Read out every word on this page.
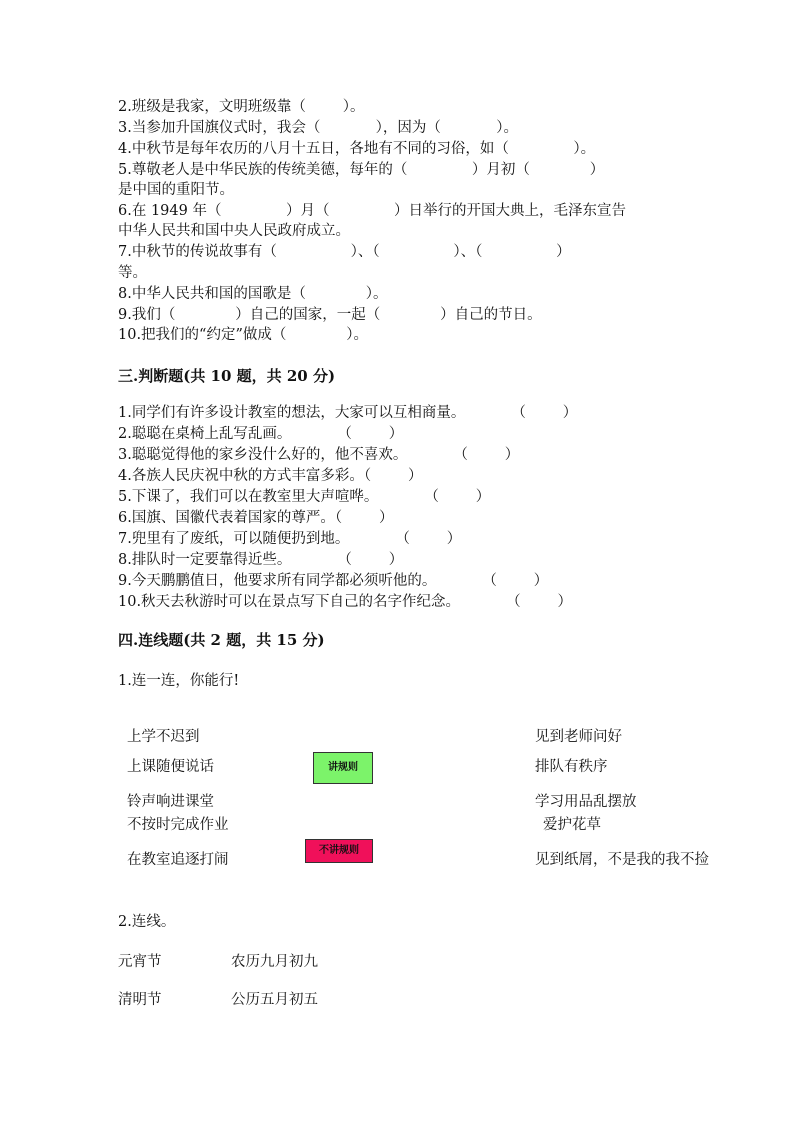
2.班级是我家，文明班级靠（        ）。
3.当参加升国旗仪式时，我会（            ），因为（            ）。
4.中秋节是每年农历的八月十五日，各地有不同的习俗，如（              ）。
5.尊敬老人是中华民族的传统美德，每年的（              ）月初（             ）
是中国的重阳节。
6.在 1949 年（              ）月（              ）日举行的开国大典上，毛泽东宣告
中华人民共和国中央人民政府成立。
7.中秋节的传说故事有（                ）、（                ）、（                ）
等。
8.中华人民共和国的国歌是（             ）。
9.我们（             ）自己的国家，一起（             ）自己的节日。
10.把我们的“约定”做成（             ）。
三.判断题(共 10 题，共 20 分)
1.同学们有许多设计教室的想法，大家可以互相商量。          （        ）
2.聪聪在桌椅上乱写乱画。          （        ）
3.聪聪觉得他的家乡没什么好的，他不喜欢。          （        ）
4.各族人民庆祝中秋的方式丰富多彩。（        ）
5.下课了，我们可以在教室里大声喧哗。          （        ）
6.国旗、国徽代表着国家的尊严。（        ）
7.兜里有了废纸，可以随便扔到地。          （        ）
8.排队时一定要靠得近些。          （        ）
9.今天鹏鹏值日，他要求所有同学都必须听他的。          （        ）
10.秋天去秋游时可以在景点写下自己的名字作纪念。          （        ）
四.连线题(共 2 题，共 15 分)
1.连一连，你能行!
上学不迟到
上课随便说话
铃声响进课堂
不按时完成作业
在教室追逐打闹
讲规则
不讲规则
见到老师问好
排队有秩序
学习用品乱摆放
爱护花草
见到纸屑，不是我的我不捡
2.连线。
元宵节	农历九月初九
清明节	公历五月初五
